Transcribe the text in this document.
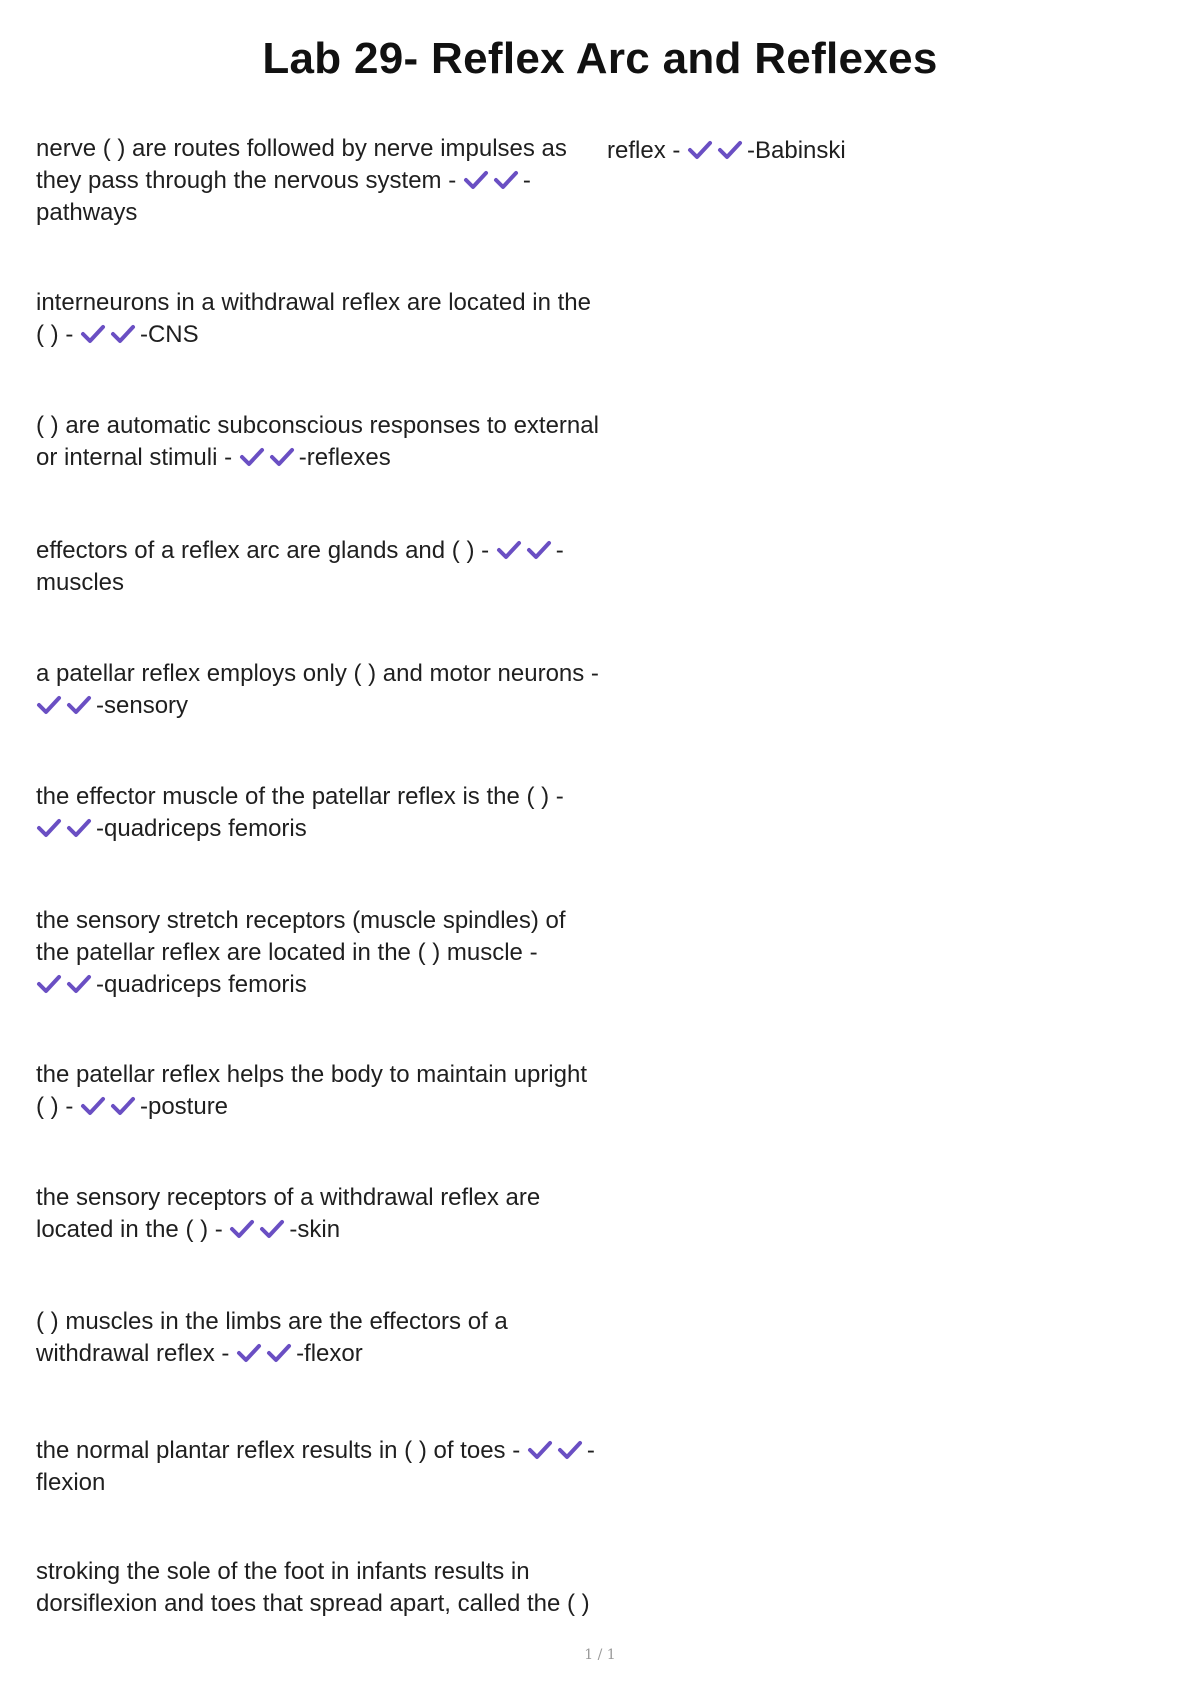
Lab 29- Reflex Arc and Reflexes
nerve ( ) are routes followed by nerve impulses as they pass through the nervous system -	-pathways
interneurons in a withdrawal reflex are located in the ( ) -	-CNS
( ) are automatic subconscious responses to external or internal stimuli -	-reflexes
effectors of a reflex arc are glands and ( ) -	-muscles
a patellar reflex employs only ( ) and motor neurons -
-sensory
the effector muscle of the patellar reflex is the ( ) -
-quadriceps femoris
the sensory stretch receptors (muscle spindles) of the patellar reflex are located in the ( ) muscle -
-quadriceps femoris
the patellar reflex helps the body to maintain upright ( ) -	-posture
the sensory receptors of a withdrawal reflex are located in the ( ) -	-skin
( ) muscles in the limbs are the effectors of a withdrawal reflex -	-flexor
the normal plantar reflex results in ( ) of toes -	-flexion
stroking the sole of the foot in infants results in dorsiflexion and toes that spread apart, called the ( )
reflex -	-Babinski
1 / 1
